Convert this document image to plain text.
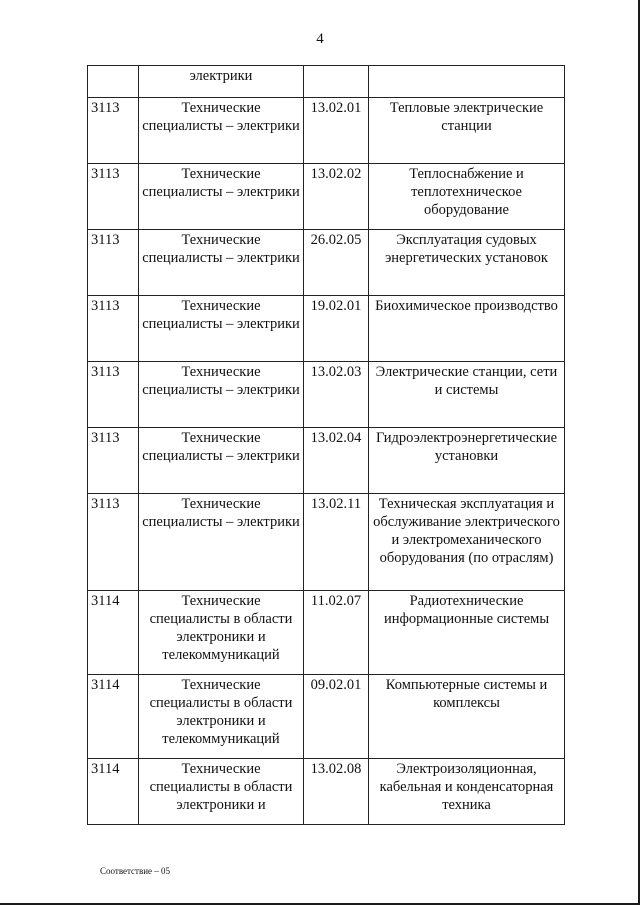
4
	электрики		
3113	Технические специалисты – электрики	13.02.01	Тепловые электрические станции
3113	Технические специалисты – электрики	13.02.02	Теплоснабжение и теплотехническое оборудование
3113	Технические специалисты – электрики	26.02.05	Эксплуатация судовых энергетических установок
3113	Технические специалисты – электрики	19.02.01	Биохимическое производство
3113	Технические специалисты – электрики	13.02.03	Электрические станции, сети и системы
3113	Технические специалисты – электрики	13.02.04	Гидроэлектроэнергетические установки
3113	Технические специалисты – электрики	13.02.11	Техническая эксплуатация и обслуживание электрического и электромеханического оборудования (по отраслям)
3114	Технические специалисты в области электроники и телекоммуникаций	11.02.07	Радиотехнические информационные системы
3114	Технические специалисты в области электроники и телекоммуникаций	09.02.01	Компьютерные системы и комплексы
3114	Технические специалисты в области электроники и	13.02.08	Электроизоляционная, кабельная и конденсаторная техника
Соответствие – 05
